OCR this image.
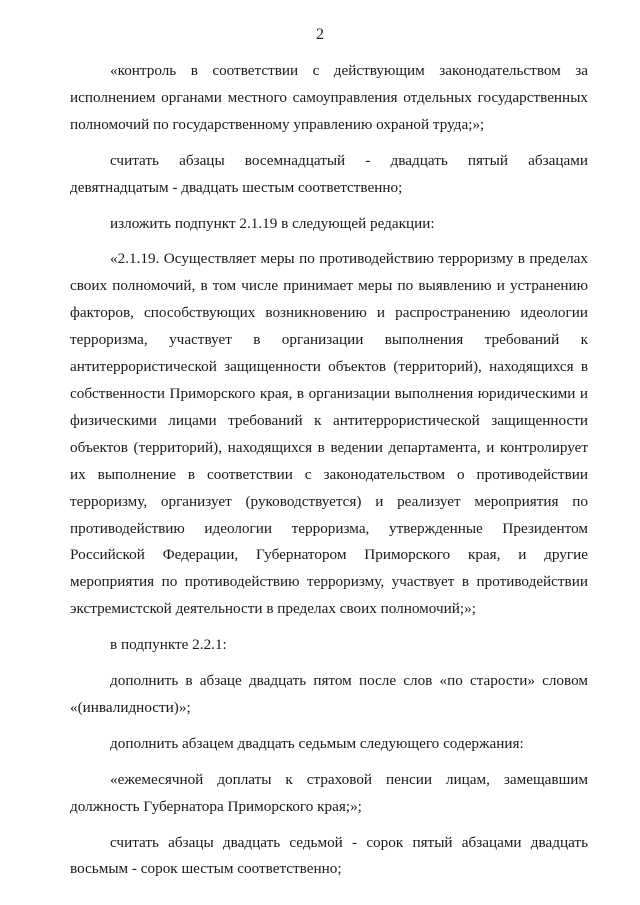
2

«контроль в соответствии с действующим законодательством за исполнением органами местного самоуправления отдельных государственных полномочий по государственному управлению охраной труда;»;

считать абзацы восемнадцатый - двадцать пятый абзацами девятнадцатым - двадцать шестым соответственно;

изложить подпункт 2.1.19 в следующей редакции:

«2.1.19. Осуществляет меры по противодействию терроризму в пределах своих полномочий, в том числе принимает меры по выявлению и устранению факторов, способствующих возникновению и распространению идеологии терроризма, участвует в организации выполнения требований к антитеррористической защищенности объектов (территорий), находящихся в собственности Приморского края, в организации выполнения юридическими и физическими лицами требований к антитеррористической защищенности объектов (территорий), находящихся в ведении департамента, и контролирует их выполнение в соответствии с законодательством о противодействии терроризму, организует (руководствуется) и реализует мероприятия по противодействию идеологии терроризма, утвержденные Президентом Российской Федерации, Губернатором Приморского края, и другие мероприятия по противодействию терроризму, участвует в противодействии экстремистской деятельности в пределах своих полномочий;»;

в подпункте 2.2.1:

дополнить в абзаце двадцать пятом после слов «по старости» словом «(инвалидности)»;

дополнить абзацем двадцать седьмым следующего содержания:

«ежемесячной доплаты к страховой пенсии лицам, замещавшим должность Губернатора Приморского края;»;

считать абзацы двадцать седьмой - сорок пятый абзацами двадцать восьмым - сорок шестым соответственно;
